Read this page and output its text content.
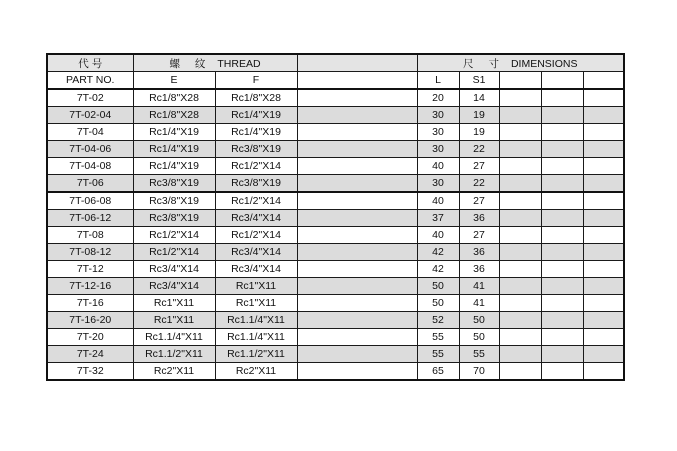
代 号	螺 纹 THREAD			尺 寸 DIMENSIONS				
PART NO.	E	F		L	S1			
7T-02	Rc1/8"X28	Rc1/8"X28		20	14			
7T-02-04	Rc1/8"X28	Rc1/4"X19		30	19			
7T-04	Rc1/4"X19	Rc1/4"X19		30	19			
7T-04-06	Rc1/4"X19	Rc3/8"X19		30	22			
7T-04-08	Rc1/4"X19	Rc1/2"X14		40	27			
7T-06	Rc3/8"X19	Rc3/8"X19		30	22			
7T-06-08	Rc3/8"X19	Rc1/2"X14		40	27			
7T-06-12	Rc3/8"X19	Rc3/4"X14		37	36			
7T-08	Rc1/2"X14	Rc1/2"X14		40	27			
7T-08-12	Rc1/2"X14	Rc3/4"X14		42	36			
7T-12	Rc3/4"X14	Rc3/4"X14		42	36			
7T-12-16	Rc3/4"X14	Rc1"X11		50	41			
7T-16	Rc1"X11	Rc1"X11		50	41			
7T-16-20	Rc1"X11	Rc1.1/4"X11		52	50			
7T-20	Rc1.1/4"X11	Rc1.1/4"X11		55	50			
7T-24	Rc1.1/2"X11	Rc1.1/2"X11		55	55			
7T-32	Rc2"X11	Rc2"X11		65	70			
